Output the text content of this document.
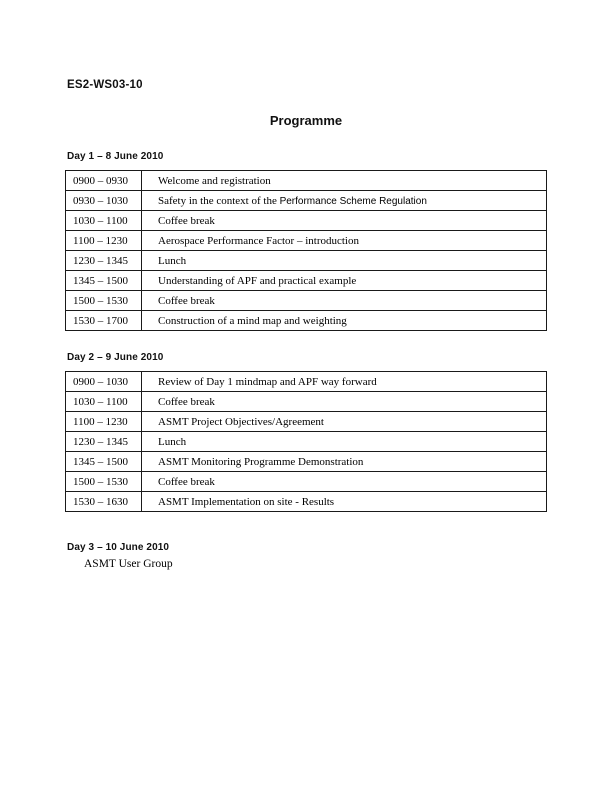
ES2-WS03-10
Programme
Day 1 – 8 June 2010
0900 – 0930	Welcome and registration
0930 – 1030	Safety in the context of the Performance Scheme Regulation
1030 – 1100	Coffee break
1100 – 1230	Aerospace Performance Factor – introduction
1230 – 1345	Lunch
1345 – 1500	Understanding of APF and practical example
1500 – 1530	Coffee break
1530 – 1700	Construction of a mind map and weighting
Day 2 – 9 June 2010
0900 – 1030	Review of Day 1 mindmap and APF way forward
1030 – 1100	Coffee break
1100 – 1230	ASMT Project Objectives/Agreement
1230 – 1345	Lunch
1345 – 1500	ASMT Monitoring Programme Demonstration
1500 – 1530	Coffee break
1530 – 1630	ASMT Implementation on site - Results
Day 3 – 10 June 2010
ASMT User Group
